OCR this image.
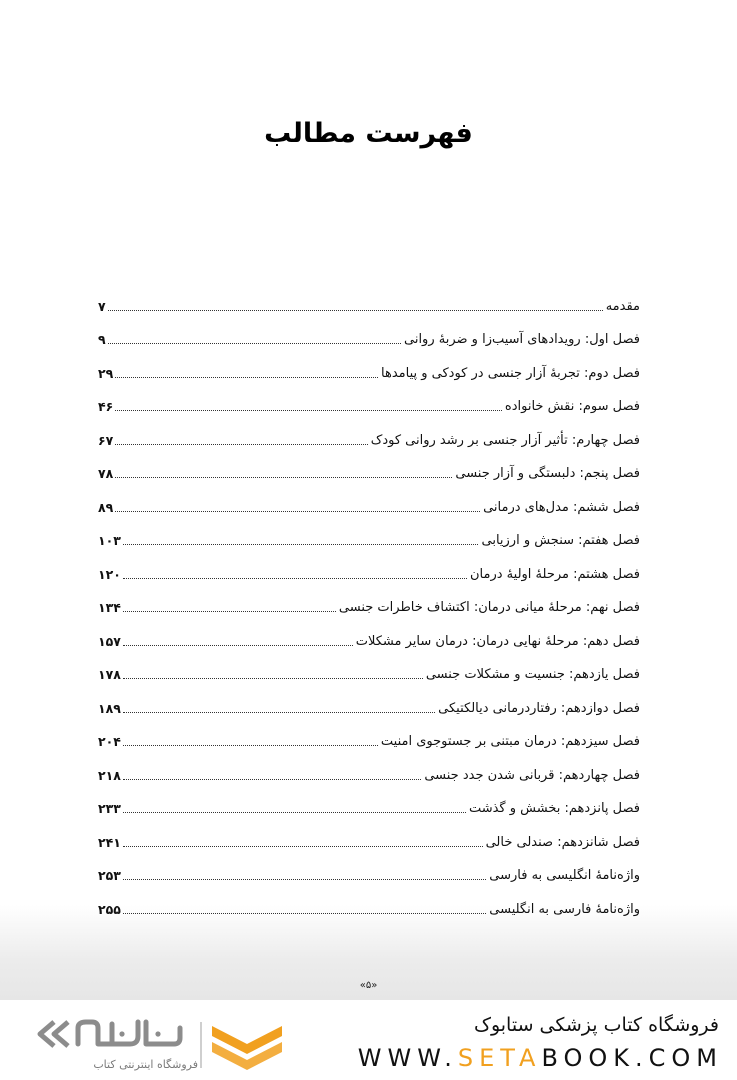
فهرست مطالب
مقدمه
۷
فصل اول: رویدادهای آسیب‌زا و ضربهٔ روانی
۹
فصل دوم: تجربهٔ آزار جنسی در کودکی و پیامدها
۲۹
فصل سوم: نقش خانواده
۴۶
فصل چهارم: تأثیر آزار جنسی بر رشد روانی کودک
۶۷
فصل پنجم: دلبستگی و آزار جنسی
۷۸
فصل ششم: مدل‌های درمانی
۸۹
فصل هفتم: سنجش و ارزیابی
۱۰۳
فصل هشتم: مرحلهٔ اولیهٔ درمان
۱۲۰
فصل نهم: مرحلهٔ میانی درمان: اکتشاف خاطرات جنسی
۱۳۴
فصل دهم: مرحلهٔ نهایی درمان: درمان سایر مشکلات
۱۵۷
فصل یازدهم: جنسیت و مشکلات جنسی
۱۷۸
فصل دوازدهم: رفتاردرمانی دیالکتیکی
۱۸۹
فصل سیزدهم: درمان مبتنی بر جستوجوی امنیت
۲۰۴
فصل چهاردهم: قربانی شدن جدد جنسی
۲۱۸
فصل پانزدهم: بخشش و گذشت
۲۳۳
فصل شانزدهم: صندلی خالی
۲۴۱
واژه‌نامهٔ انگلیسی به فارسی
۲۵۳
واژه‌نامهٔ فارسی به انگلیسی
۲۵۵
«۵»
فروشگاه کتاب پزشکی ستابوک
WWW.SETABOOK.COM
فروشگاه اینترنتی کتاب
